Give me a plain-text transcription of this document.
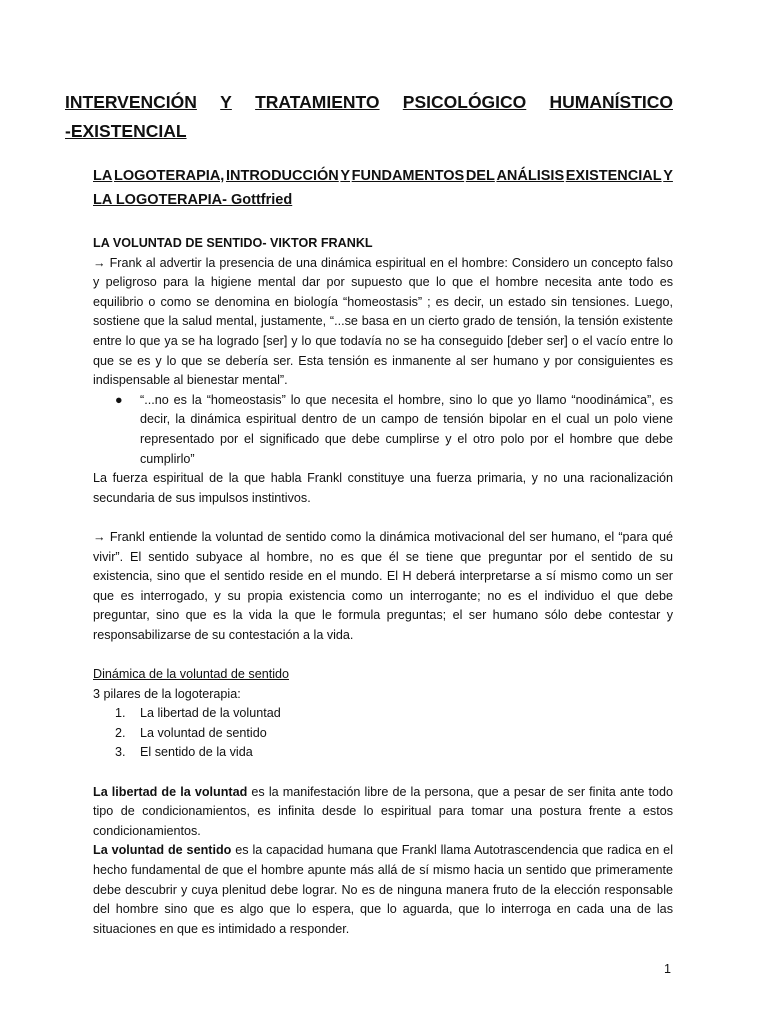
INTERVENCIÓN Y TRATAMIENTO PSICOLÓGICO HUMANÍSTICO
-EXISTENCIAL
LA LOGOTERAPIA, INTRODUCCIÓN Y FUNDAMENTOS DEL ANÁLISIS EXISTENCIAL Y
LA LOGOTERAPIA- Gottfried

LA VOLUNTAD DE SENTIDO- VIKTOR FRANKL

→ Frank al advertir la presencia de una dinámica espiritual en el hombre: Considero un concepto falso y peligroso para la higiene mental dar por supuesto que lo que el hombre necesita ante todo es equilibrio o como se denomina en biología “homeostasis” ; es decir, un estado sin tensiones. Luego, sostiene que la salud mental, justamente, “...se basa en un cierto grado de tensión, la tensión existente entre lo que ya se ha logrado [ser] y lo que todavía no se ha conseguido [deber ser] o el vacío entre lo que se es y lo que se debería ser. Esta tensión es inmanente al ser humano y por consiguientes es indispensable al bienestar mental”.

●	“...no es la “homeostasis” lo que necesita el hombre, sino lo que yo llamo “noodinámica”, es decir, la dinámica espiritual dentro de un campo de tensión bipolar en el cual un polo viene representado por el significado que debe cumplirse y el otro polo por el hombre que debe cumplirlo”

La fuerza espiritual de la que habla Frankl constituye una fuerza primaria, y no una racionalización secundaria de sus impulsos instintivos.

→ Frankl entiende la voluntad de sentido como la dinámica motivacional del ser humano, el “para qué vivir”. El sentido subyace al hombre, no es que él se tiene que preguntar por el sentido de su existencia, sino que el sentido reside en el mundo. El H deberá interpretarse a sí mismo como un ser que es interrogado, y su propia existencia como un interrogante; no es el individuo el que debe preguntar, sino que es la vida la que le formula preguntas; el ser humano sólo debe contestar y responsabilizarse de su contestación a la vida.

Dinámica de la voluntad de sentido

3 pilares de la logoterapia:

1.	La libertad de la voluntad
2.	La voluntad de sentido
3.	El sentido de la vida

La libertad de la voluntad es la manifestación libre de la persona, que a pesar de ser finita ante todo tipo de condicionamientos, es infinita desde lo espiritual para tomar una postura frente a estos condicionamientos.

La voluntad de sentido es la capacidad humana que Frankl llama Autotrascendencia que radica en el hecho fundamental de que el hombre apunte más allá de sí mismo hacia un sentido que primeramente debe descubrir y cuya plenitud debe lograr. No es de ninguna manera fruto de la elección responsable del hombre sino que es algo que lo espera, que lo aguarda, que lo interroga en cada una de las situaciones en que es intimidado a responder.

1
